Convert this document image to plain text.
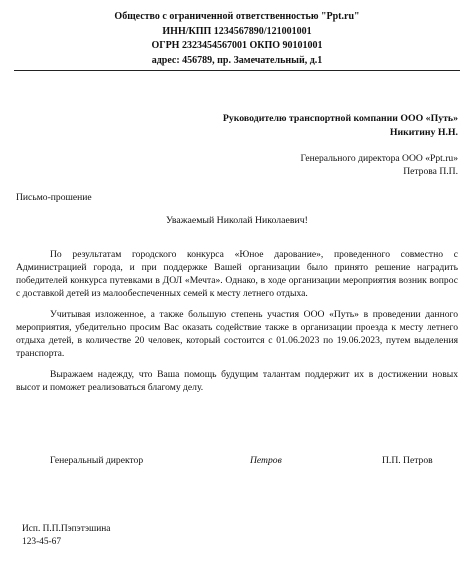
Общество с ограниченной ответственностью "Ppt.ru"
ИНН/КПП 1234567890/121001001
ОГРН 2323454567001 ОКПО 90101001
адрес: 456789, пр. Замечательный, д.1
Руководителю транспортной компании ООО «Путь»
Никитину Н.Н.
Генерального директора ООО «Ppt.ru»
Петрова П.П.
Письмо-прошение
Уважаемый Николай Николаевич!

По результатам городского конкурса «Юное дарование», проведенного совместно с Администрацией города, и при поддержке Вашей организации было принято решение наградить победителей конкурса путевками в ДОЛ «Мечта». Однако, в ходе организации мероприятия возник вопрос с доставкой детей из малообеспеченных семей к месту летнего отдыха.

Учитывая изложенное, а также большую степень участия ООО «Путь» в проведении данного мероприятия, убедительно просим Вас оказать содействие также в организации проезда к месту летнего отдыха детей, в количестве 20 человек, который состоится с 01.06.2023 по 19.06.2023, путем выделения транспорта.

Выражаем надежду, что Ваша помощь будущим талантам поддержит их в достижении новых высот и поможет реализоваться благому делу.

Генеральный директор	Петров	П.П. Петров
Исп. П.П.Пэпэтэшина
123-45-67
